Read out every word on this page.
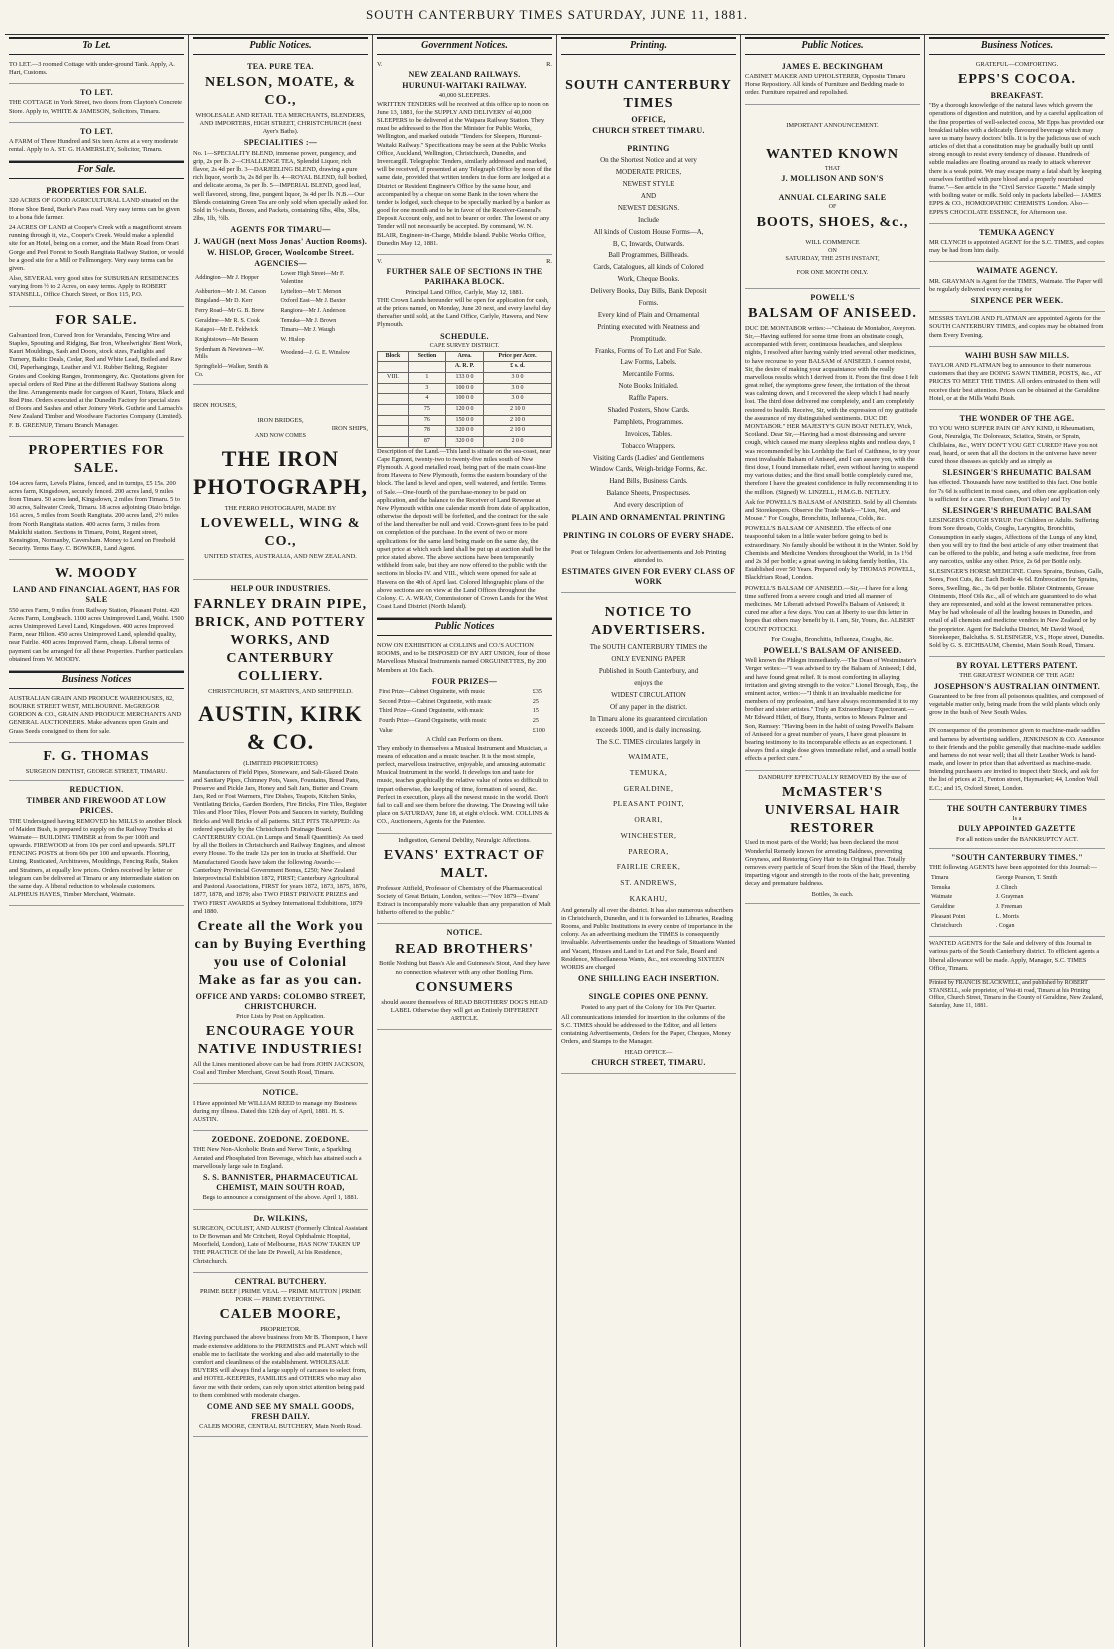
SOUTH CANTERBURY TIMES SATURDAY, JUNE 11, 1881.
To Let.

TO LET.—3 roomed Cottage with under-ground Tank. Apply, A. Hart, Customs.

TO LET.

THE COTTAGE in York Street, two doors from Clayton's Concrete Store. Apply to, WHITE & JAMESON, Solicitors, Timaru.

TO LET.

A FARM of Three Hundred and Six teen Acres at a very moderate rental. Apply to A. ST. G. HAMERSLEY, Solicitor, Timaru.

For Sale.
PROPERTIES FOR SALE.

320 ACRES OF GOOD AGRICULTURAL LAND situated on the Horse Shoe Bend, Burke's Pass road. Very easy terms can be given to a bona fide farmer.

24 ACRES OF LAND at Cooper's Creek with a magnificent stream running through it, viz., Cooper's Creek. Would make a splendid site for an Hotel, being on a corner, and the Main Road from Orari Gorge and Peel Forest to South Rangitata Railway Station, or would be a good site for a Mill or Fellmongery. Very easy terms can be given.

Also, SEVERAL very good sites for SUBURBAN RESIDENCES varying from ½ to 2 Acres, on easy terms. Apply to ROBERT STANSELL, Office Church Street, or Box 115, P.O.

FOR SALE.

Galvanized Iron, Curved Iron for Verandahs, Fencing Wire and Staples, Spouting and Ridging, Bar Iron, Wheelwrights' Bent Work, Kauri Mouldings, Sash and Doors, stock sizes, Fanlights and Turnery, Baltic Deals, Cedar, Red and White Lead, Boiled and Raw Oil, Paperhangings, Leather and V.I. Rubber Belting, Register Grates and Cooking Ranges, Ironmongery, &c. Quotations given for special orders of Red Pine at the different Railway Stations along the line. Arrangements made for cargoes of Kauri, Totara, Black and Red Pine. Orders executed at the Dunedin Factory for special sizes of Doors and Sashes and other Joinery Work. Guthrie and Larnach's New Zealand Timber and Woodware Factories Company (Limited). F. B. GREENUP, Timaru Branch Manager.

PROPERTIES FOR SALE.

104 acres farm, Levels Plains, fenced, and in turnips, £5 15s. 200 acres farm, Kingsdown, securely fenced. 200 acres land, 9 miles from Timaru. 50 acres land, Kingsdown, 2 miles from Timaru. 5 to 30 acres, Saltwater Creek, Timaru. 18 acres adjoining Otaio bridge. 161 acres, 5 miles from South Rangitata. 200 acres land, 2½ miles from North Rangitata station. 400 acres farm, 3 miles from Makikihi station. Sections in Timaru, Point, Regent street, Kensington, Normanby, Caversham. Money to Lend on Freehold Security. Terms Easy. C. BOWKER, Land Agent.

W. MOODY
LAND AND FINANCIAL AGENT, HAS FOR SALE

550 acres Farm, 9 miles from Railway Station, Pleasant Point. 420 Acres Farm, Longbeach. 1100 acres Unimproved Land, Waihi. 1500 acres Unimproved Level Land, Kingsdown. 400 acres Improved Farm, near Hilton. 450 acres Unimproved Land, splendid quality, near Fairlie. 400 acres Improved Farm, cheap. Liberal terms of payment can be arranged for all these Properties. Further particulars obtained from W. MOODY.

Business Notices

AUSTRALIAN GRAIN AND PRODUCE WAREHOUSES, 82, BOURKE STREET WEST, MELBOURNE. McGREGOR GORDON & CO., GRAIN AND PRODUCE MERCHANTS AND GENERAL AUCTIONEERS. Make advances upon Grain and Grass Seeds consigned to them for sale.

F. G. THOMAS
SURGEON DENTIST, GEORGE STREET, TIMARU.
REDUCTION.
TIMBER AND FIREWOOD AT LOW PRICES.

THE Undersigned having REMOVED his MILLS to another Block of Maiden Bush, is prepared to supply on the Railway Trucks at Waimate— BUILDING TIMBER at from 9s per 100ft and upwards. FIREWOOD at from 10s per cord and upwards. SPLIT FENCING POSTS at from 60s per 100 and upwards. Flooring, Lining, Rusticated, Architraves, Mouldings, Fencing Rails, Stakes and Strainers, at equally low prices. Orders received by letter or telegram can be delivered at Timaru or any intermediate station on the same day. A liberal reduction to wholesale customers. ALPHEUS HAYES, Timber Merchant, Waimate.

Public Notices.
TEA. PURE TEA.
NELSON, MOATE, & CO.,

WHOLESALE AND RETAIL TEA MERCHANTS, BLENDERS, AND IMPORTERS, HIGH STREET, CHRISTCHURCH (next Ayer's Baths).

SPECIALITIES :—

No. 1—SPECIALITY BLEND, immense power, pungency, and grip, 2s per lb. 2—CHALLENGE TEA, Splendid Liquor, rich flavor, 2s 4d per lb. 3—DARJEELING BLEND, drawing a pure rich liquor, worth 3s, 2s 8d per lb. 4—ROYAL BLEND, full bodied, and delicate aroma, 3s per lb. 5—IMPERIAL BLEND, good leaf, well flavored, strong, fine, pungent liquor, 3s 4d per lb. N.B.—Our Blends containing Green Tea are only sold when specially asked for. Sold in ½-chests, Boxes, and Packets, containing 6lbs, 4lbs, 3lbs, 2lbs, 1lb, ½lb.

AGENTS FOR TIMARU—
J. WAUGH (next Moss Jonas' Auction Rooms).
W. HISLOP, Grocer, Woolcombe Street.
AGENCIES—
Addington—Mr J. Hopper	Lower High Street—Mr F. Valentine
Ashburton—Mr J. M. Carson	Lyttelton—Mr T. Merson
Bingsland—Mr D. Kerr	Oxford East—Mr J. Baxter
Ferry Road—Mr G. B. Brew	Rangiora—Mr J. Anderson
Geraldine—Mr R. S. Cook	Temuka—Mr J. Brown
Kaiapoi—Mr E. Feldwick	Timaru—Mr J. Waugh
Knightstown—Mr Besson	W. Hislop
Sydenham & Newtown—W. Mills	Woodend—J. G. E. Winslow
Springfield—Walker, Smith & Co.	
IRON HOUSES,
IRON BRIDGES,
IRON SHIPS,
AND NOW COMES
THE IRON PHOTOGRAPH,
THE FERRO PHOTOGRAPH, MADE BY
LOVEWELL, WING & CO.,
UNITED STATES, AUSTRALIA, AND NEW ZEALAND.
HELP OUR INDUSTRIES.
FARNLEY DRAIN PIPE, BRICK, AND POTTERY WORKS, AND CANTERBURY COLLIERY.
CHRISTCHURCH, ST MARTIN'S, AND SHEFFIELD.
AUSTIN, KIRK & CO.
(LIMITED PROPRIETORS)

Manufacturers of Field Pipes, Stoneware, and Salt-Glazed Drain and Sanitary Pipes, Chimney Pots, Vases, Fountains, Bread Pans, Preserve and Pickle Jars, Honey and Salt Jars, Butter and Cream Jars, Red or Fost Warmers, Fire Dishes, Teapots, Kitchen Sinks, Ventilating Bricks, Garden Borders, Fire Bricks, Fire Tiles, Register Tiles and Floor Tiles, Flower Pots and Saucers in variety, Building Bricks and Well Bricks of all patterns. SILT PITS TRAPPED: As ordered specially by the Christchurch Drainage Board. CANTERBURY COAL (in Lumps and Small Quantities): As used by all the Boilers in Christchurch and Railway Engines, and almost every House. To the trade 12s per ton in trucks at Sheffield. Our Manufactured Goods have taken the following Awards:—Canterbury Provincial Government Bonus, £250; New Zealand Interprovincial Exhibition 1872, FIRST; Canterbury Agricultural and Pastoral Associations, FIRST for years 1872, 1873, 1875, 1876, 1877, 1878, and 1879; also TWO FIRST PRIVATE PRIZES and TWO FIRST AWARDS at Sydney International Exhibitions, 1879 and 1880.

Create all the Work you can by Buying Everthing you use of Colonial Make as far as you can.
OFFICE AND YARDS: COLOMBO STREET, CHRISTCHURCH.
Price Lists by Post on Application.
ENCOURAGE YOUR NATIVE INDUSTRIES!

All the Lines mentioned above can be had from JOHN JACKSON, Coal and Timber Merchant, Great South Road, Timaru.

NOTICE.

I Have appointed Mr WILLIAM REED to manage my Business during my illness. Dated this 12th day of April, 1881. H. S. AUSTIN.

ZOEDONE. ZOEDONE. ZOEDONE.

THE New Non-Alcoholic Brain and Nerve Tonic, a Sparkling Aerated and Phosphated Iron Beverage, which has attained such a marvellously large sale in England.

S. S. BANNISTER, PHARMACEUTICAL CHEMIST, MAIN SOUTH ROAD,

Begs to announce a consignment of the above. April 1, 1881.

Dr. WILKINS,

SURGEON, OCULIST, AND AURIST (Formerly Clinical Assistant to Dr Bowman and Mr Critchett, Royal Ophthalmic Hospital, Moorfield, London), Late of Melbourne, HAS NOW TAKEN UP THE PRACTICE Of the late Dr Powell, At his Residence, Christchurch.

CENTRAL BUTCHERY.
PRIME BEEF | PRIME VEAL — PRIME MUTTON | PRIME PORK — PRIME EVERYTHING.
CALEB MOORE,
PROPRIETOR.

Having purchased the above business from Mr B. Thompson, I have made extensive additions to the PREMISES and PLANT which will enable me to facilitate the working and also add materially to the comfort and cleanliness of the establishment. WHOLESALE BUYERS will always find a large supply of carcases to select from, and HOTEL-KEEPERS, FAMILIES and OTHERS who may also favor me with their orders, can rely upon strict attention being paid to them combined with moderate charges.

COME AND SEE MY SMALL GOODS, FRESH DAILY.
CALEB MOORE, CENTRAL BUTCHERY, Main North Road.
Government Notices.
V.	R.
NEW ZEALAND RAILWAYS.
HURUNUI-WAITAKI RAILWAY.
40,000 SLEEPERS.

WRITTEN TENDERS will be received at this office up to noon on June 13, 1881, for the SUPPLY AND DELIVERY of 40,000 SLEEPERS to be delivered at the Waipara Railway Station. They must be addressed to the Hon the Minister for Public Works, Wellington, and marked outside "Tenders for Sleepers, Hurunui-Waitaki Railway." Specifications may be seen at the Public Works Office, Auckland, Wellington, Christchurch, Dunedin, and Invercargill. Telegraphic Tenders, similarly addressed and marked, will be received, if presented at any Telegraph Office by noon of the same date, provided that written tenders in due form are lodged at a District or Resident Engineer's Office by the same hour, and accompanied by a cheque on some Bank in the town where the tender is lodged, such cheque to be specially marked by a banker as good for one month and to be in favor of the Receiver-General's Deposit Account only, and not to bearer or order. The lowest or any Tender will not necessarily be accepted. By command, W. N. BLAIR, Engineer-in-Charge, Middle Island. Public Works Office, Dunedin May 12, 1881.

V.	R.
FURTHER SALE OF SECTIONS IN THE PARIHAKA BLOCK.
Principal Land Office, Carlyle, May 12, 1881.

THE Crown Lands hereunder will be open for application for cash, at the prices named, on Monday, June 20 next, and every lawful day thereafter until sold, at the Land Office, Carlyle, Hawera, and New Plymouth.

SCHEDULE.
CAPE SURVEY DISTRICT.
Block	Section	Area.	Price per Acre.
		A. R. P.	£ s. d.
VIII.	1	133 0 0	3 0 0
	3	100 0 0	3 0 0
	4	100 0 0	3 0 0
	75	120 0 0	2 10 0
	76	150 0 0	2 10 0
	78	320 0 0	2 10 0
	87	320 0 0	2 0 0

Description of the Land.—This land is situate on the sea-coast, near Cape Egmont, twenty-two to twenty-five miles south of New Plymouth. A good metalled road, being part of the main coast-line from Hawera to New Plymouth, forms the eastern boundary of the block. The land is level and open, well watered, and fertile. Terms of Sale.—One-fourth of the purchase-money to be paid on application, and the balance to the Receiver of Land Revenue at New Plymouth within one calendar month from date of application, otherwise the deposit will be forfeited, and the contract for the sale of the land thereafter be null and void. Crown-grant fees to be paid on completion of the purchase. In the event of two or more applications for the same land being made on the same day, the upset price at which such land shall be put up at auction shall be the price stated above. The above sections have been temporarily withheld from sale, but they are now offered to the public with the sections in blocks IV. and VIII., which were opened for sale at Hawera on the 4th of April last. Colored lithographic plans of the above sections are on view at the Land Offices throughout the Colony. C. A. WRAY, Commissioner of Crown Lands for the West Coast Land District (North Island).

Public Notices

NOW ON EXHIBITION at COLLINS and CO.'S AUCTION ROOMS, and to be DISPOSED OF BY ART UNION, four of those Marvellous Musical Instruments named ORGUINETTES, By 200 Members at 10s Each.

FOUR PRIZES—
First Prize—Cabinet Orguinette, with music	£35
Second Prize—Cabinet Orguinette, with music	25
Third Prize—Grand Orguinette, with music	15
Fourth Prize—Grand Orguinette, with music	25
Value	£100
A Child can Perform on them.

They embody in themselves a Musical Instrument and Musician, a means of education and a music teacher. It is the most simple, perfect, marvellous instructive, enjoyable, and amusing automatic Musical Instrument in the world. It develops ton and taste for music, teaches graphically the relative value of notes so difficult to impart otherwise, the keeping of time, formation of sound, &c. Perfect in execution, plays all the newest music in the world. Don't fail to call and see them before the drawing. The Drawing will take place on SATURDAY, June 18, at eight o'clock. WM. COLLINS & CO., Auctioneers, Agents for the Patentee.

Indigestion, General Debility, Neuralgic Affections.
EVANS' EXTRACT OF MALT.

Professor Attfield, Professor of Chemistry of the Pharmaceutical Society of Great Britain, London, writes:—"Nov 1879—Evans' Extract is incomparably more valuable than any preparation of Malt hitherto offered to the public."

NOTICE.
READ BROTHERS'

Bottle Nothing but Bass's Ale and Guinness's Stout, And they have no connection whatever with any other Bottling Firm.

CONSUMERS

should assure themselves of READ BROTHERS' DOG'S HEAD LABEL Otherwise they will get an Entirely DIFFERENT ARTICLE.

Printing.
SOUTH CANTERBURY TIMES
OFFICE,
CHURCH STREET TIMARU.
PRINTING
On the Shortest Notice and at very
MODERATE PRICES,
NEWEST STYLE
AND
NEWEST DESIGNS.
Include
All kinds of Custom House Forms—A,
B, C, Inwards, Outwards.
Ball Programmes, Billheads.
Cards, Catalogues, all kinds of Colored
Work, Cheque Books.
Delivery Books, Day Bills, Bank Deposit
Forms.
Every kind of Plain and Ornamental
Printing executed with Neatness and
Promptitude.
Franks, Forms of To Let and For Sale.
Law Forms, Labels.
Mercantile Forms.
Note Books Initialed.
Raffle Papers.
Shaded Posters, Show Cards.
Pamphlets, Programmes.
Invoices, Tables.
Tobacco Wrappers.
Visiting Cards (Ladies' and Gentlemens
Window Cards, Weigh-bridge Forms, &c.
Hand Bills, Business Cards.
Balance Sheets, Prospectuses.
And every description of
PLAIN AND ORNAMENTAL PRINTING
PRINTING IN COLORS OF EVERY SHADE.

Post or Telegram Orders for advertisements and Job Printing attended to.

ESTIMATES GIVEN FOR EVERY CLASS OF WORK
NOTICE TO ADVERTISERS.
The SOUTH CANTERBURY TIMES the
ONLY EVENING PAPER
Published in South Canterbury, and
enjoys the
WIDEST CIRCULATION
Of any paper in the district.
In Timaru alone its guaranteed circulation
exceeds 1000, and is daily increasing.
The S.C. TIMES circulates largely in
WAIMATE,
TEMUKA,
GERALDINE,
PLEASANT POINT,
ORARI,
WINCHESTER,
PAREORA,
FAIRLIE CREEK,
ST. ANDREWS,
KAKAHU,

And generally all over the district. It has also numerous subscribers in Christchurch, Dunedin, and it is forwarded to Libraries, Reading Rooms, and Public Institutions in every centre of importance in the colony. As an advertising medium the TIMES is consequently invaluable. Advertisements under the headings of Situations Wanted and Vacant, Houses and Land to Let and For Sale, Board and Residence, Miscellaneous Wants, &c., not exceeding SIXTEEN WORDS are charged

ONE SHILLING EACH INSERTION.
SINGLE COPIES ONE PENNY.

Posted to any part of the Colony for 10s Per Quarter.

All communications intended for insertion in the columns of the S.C. TIMES should be addressed to the Editor, and all letters containing Advertisements, Orders for the Paper, Cheques, Money Orders, and Stamps to the Manager.

HEAD OFFICE—
CHURCH STREET, TIMARU.
Public Notices.
JAMES E. BECKINGHAM

CABINET MAKER AND UPHOLSTERER, Opposite Timaru Horse Repository. All kinds of Furniture and Bedding made to order. Furniture repaired and repolished.

IMPORTANT ANNOUNCEMENT.
WANTED KNOWN
THAT
J. MOLLISON AND SON'S
ANNUAL CLEARING SALE
OF
BOOTS, SHOES, &c.,
WILL COMMENCE
ON
SATURDAY, THE 25TH INSTANT,
FOR ONE MONTH ONLY.
POWELL'S
BALSAM OF ANISEED.

DUC DE MONTABOR writes:—"Chateau de Montabor, Aveyron. Sir,—Having suffered for some time from an obstinate cough, accompanied with fever, continuous headaches, and sleepless nights, I resolved after having vainly tried several other medicines, to have recourse to your BALSAM of ANISEED. I cannot resist, Sir, the desire of making your acquaintance with the really marvellous results which I derived from it. From the first dose I felt great relief, the symptoms grew fewer, the irritation of the throat was calming down, and I recovered the sleep which I had nearly lost. The third dose delivered me completely, and I am completely restored to health. Receive, Sir, with the expression of my gratitude the assurance of my distinguished sentiments. DUC DE MONTABOR." HER MAJESTY'S GUN BOAT NETLEY, Wick, Scotland. Dear Sir,—Having had a most distressing and severe cough, which caused me many sleepless nights and restless days, I was recommended by his Lordship the Earl of Caithness, to try your most invaluable Balsam of Aniseed, and I can assure you, with the first dose, I found immediate relief, even without having to suspend my various duties; and the first small bottle completely cured me, therefore I have the greatest confidence in fully recommending it to the million. (Signed) W. LINZELL, H.M.G.B. NETLEY.

Ask for POWELL'S BALSAM of ANISEED. Sold by all Chemists and Storekeepers. Observe the Trade Mark—"Lion, Net, and Mouse." For Coughs, Bronchitis, Influenza, Colds, &c.

POWELL'S BALSAM OF ANISEED. The effects of one teaspoonful taken in a little water before going to bed is extraordinary. No family should be without it in the Winter. Sold by Chemists and Medicine Vendors throughout the World, in 1s 1½d and 2s 3d per bottle; a great saving in taking family bottles, 11s. Established over 50 Years. Prepared only by THOMAS POWELL, Blackfriars Road, London.

POWELL'S BALSAM OF ANISEED.—Sir,—I have for a long time suffered from a severe cough and tried all manner of medicines. Mr Liberati advised Powell's Balsam of Aniseed; it cured me after a few days. You can at liberty to use this letter in hopes that others may benefit by it. I am, Sir, Yours, &c. ALBERT COUNT POTOCKI.

For Coughs, Bronchitis, Influenza, Coughs, &c.

POWELL'S BALSAM OF ANISEED.

Well known the Phlegm immediately.—The Dean of Westminster's Verger writes:—"I was advised to try the Balsam of Aniseed; I did, and have found great relief. It is most comforting in allaying irritation and giving strength to the voice." Lionel Brough, Esq., the eminent actor, writes:—"I think it an invaluable medicine for members of my profession, and have always recommended it to my brother and sister artistes." Truly an Extraordinary Expectorant.—Mr Edward Hilett, of Bury, Hunts, writes to Messrs Palmer and Son, Ramsey: "Having been in the habit of using Powell's Balsam of Aniseed for a great number of years, I have great pleasure in bearing testimony to its incomparable effects as an expectorant. I always find a single dose gives immediate relief, and a small bottle effects a perfect cure."

DANDRUFF EFFECTUALLY REMOVED By the use of
McMASTER'S UNIVERSAL HAIR RESTORER

Used in most parts of the World; has been declared the most Wonderful Remedy known for arresting Baldness, preventing Greyness, and Restoring Grey Hair to its Original Hue. Totally removes every particle of Scurf from the Skin of the Head, thereby imparting vigour and strength to the roots of the hair, preventing decay and premature baldness.

Bottles, 3s each.
Business Notices.
GRATEFUL—COMFORTING.
EPPS'S COCOA.
BREAKFAST.

"By a thorough knowledge of the natural laws which govern the operations of digestion and nutrition, and by a careful application of the fine properties of well-selected cocoa, Mr Epps has provided our breakfast tables with a delicately flavoured beverage which may save us many heavy doctors' bills. It is by the judicious use of such articles of diet that a constitution may be gradually built up until strong enough to resist every tendency of disease. Hundreds of subtle maladies are floating around us ready to attack wherever there is a weak point. We may escape many a fatal shaft by keeping ourselves fortified with pure blood and a properly nourished frame."—See article in the "Civil Service Gazette." Made simply with boiling water or milk. Sold only in packets labelled— JAMES EPPS & CO., HOMŒOPATHIC CHEMISTS London. Also—EPPS'S CHOCOLATE ESSENCE, for Afternoon use.

TEMUKA AGENCY

MR CLYNCH is appointed AGENT for the S.C. TIMES, and copies may be had from him daily.

WAIMATE AGENCY.

MR. GRAYMAN is Agent for the TIMES, Waimate. The Paper will be regularly delivered every evening for

SIXPENCE PER WEEK.

MESSRS TAYLOR AND FLATMAN are appointed Agents for the SOUTH CANTERBURY TIMES, and copies may be obtained from them Every Evening.

WAIHI BUSH SAW MILLS.

TAYLOR AND FLATMAN beg to announce to their numerous customers that they are DOING SAWN TIMBER, POSTS, &c., AT PRICES TO MEET THE TIMES. All orders entrusted to them will receive their best attention. Prices can be obtained at the Geraldine Hotel, or at the Mills Waihi Bush.

THE WONDER OF THE AGE.

TO YOU WHO SUFFER PAIN OF ANY KIND, it Rheumatism, Gout, Neuralgia, Tic Doloreaux, Sciatica, Strain, or Sprain, Chilblains, &c., WHY DON'T YOU GET CURED? Have you not read, heard, or seen that all the doctors in the universe have never cured those diseases as quickly and as simply as

SLESINGER'S RHEUMATIC BALSAM

has effected. Thousands have now testified to this fact. One bottle for 7s 6d is sufficient in most cases, and often one application only is sufficient for a cure. Therefore, Don't Delay! and Try

SLESINGER'S RHEUMATIC BALSAM

LESINGER'S COUGH SYRUP. For Children or Adults. Suffering from Sore throats, Colds, Coughs, Laryngitis, Bronchitis, Consumption in early stages, Affections of the Lungs of any kind, then you will try to find the best article of any other treatment that can be offered to the public, and being a safe medicine, free from any narcotics, unlike any other. Price, 2s 6d per Bottle only.

SLESINGER'S HORSE MEDICINE. Cures Sprains, Bruises, Galls, Sores, Foot Cuts, &c. Each Bottle 4s 6d. Embrocation for Sprains, Sores, Swelling, &c., 3s 6d per bottle. Blister Ointments, Grease Ointments, Hoof Oils &c., all of which are guaranteed to do what they are represented, and sold at the lowest remunerative prices. May be had wholesale of all the leading houses in Dunedin, and retail of all chemists and medicine vendors in New Zealand or by the proprietor. Agent for Balclutha District, Mr David Wood, Storekeeper, Balclutha. S. SLESINGER, V.S., Hope street, Dunedin. Sold by G. S. EICHBAUM, Chemist, Main South Road, Timaru.

BY ROYAL LETTERS PATENT.
THE GREATEST WONDER OF THE AGE!
JOSEPHSON'S AUSTRALIAN OINTMENT.

Guaranteed to be free from all poisonous qualities, and composed of vegetable matter only, being made from the wild plants which only grow in the bush of New South Wales.

IN consequence of the prominence given to machine-made saddles and harness by advertising saddlers, JENKINSON & CO. Announce to their friends and the public generally that machine-made saddles and harness do not wear well; that all their Leather Work is hand-made, and lower in price than that advertised as machine-made. Intending purchasers are invited to inspect their Stock, and ask for the list of prices at 21, Fenton street, Haymarket; 44, London Wall E.C.; and 15, Oxford Street, London.

THE SOUTH CANTERBURY TIMES
Is a
DULY APPOINTED GAZETTE
For all notices under the BANKRUPTCY ACT.
"SOUTH CANTERBURY TIMES."

THE following AGENTS have been appointed for this Journal:—

Timaru	George Pearson, T. Smith
Temuka	J. Clinch
Waimate	J. Grayman
Geraldine	J. Freeman
Pleasant Point	L. Morris
Christchurch	. Cogan

WANTED AGENTS for the Sale and delivery of this Journal in various parts of the South Canterbury district. To efficient agents a liberal allowance will be made. Apply, Manager, S.C. TIMES Office, Timaru.

Printed by FRANCIS BLACKWELL, and published by ROBERT STANSELL, sole proprietor, of Wai-iti road, Timaru at his Printing Office, Church Street, Timaru in the County of Geraldine, New Zealand, Saturday, June 11, 1881.
